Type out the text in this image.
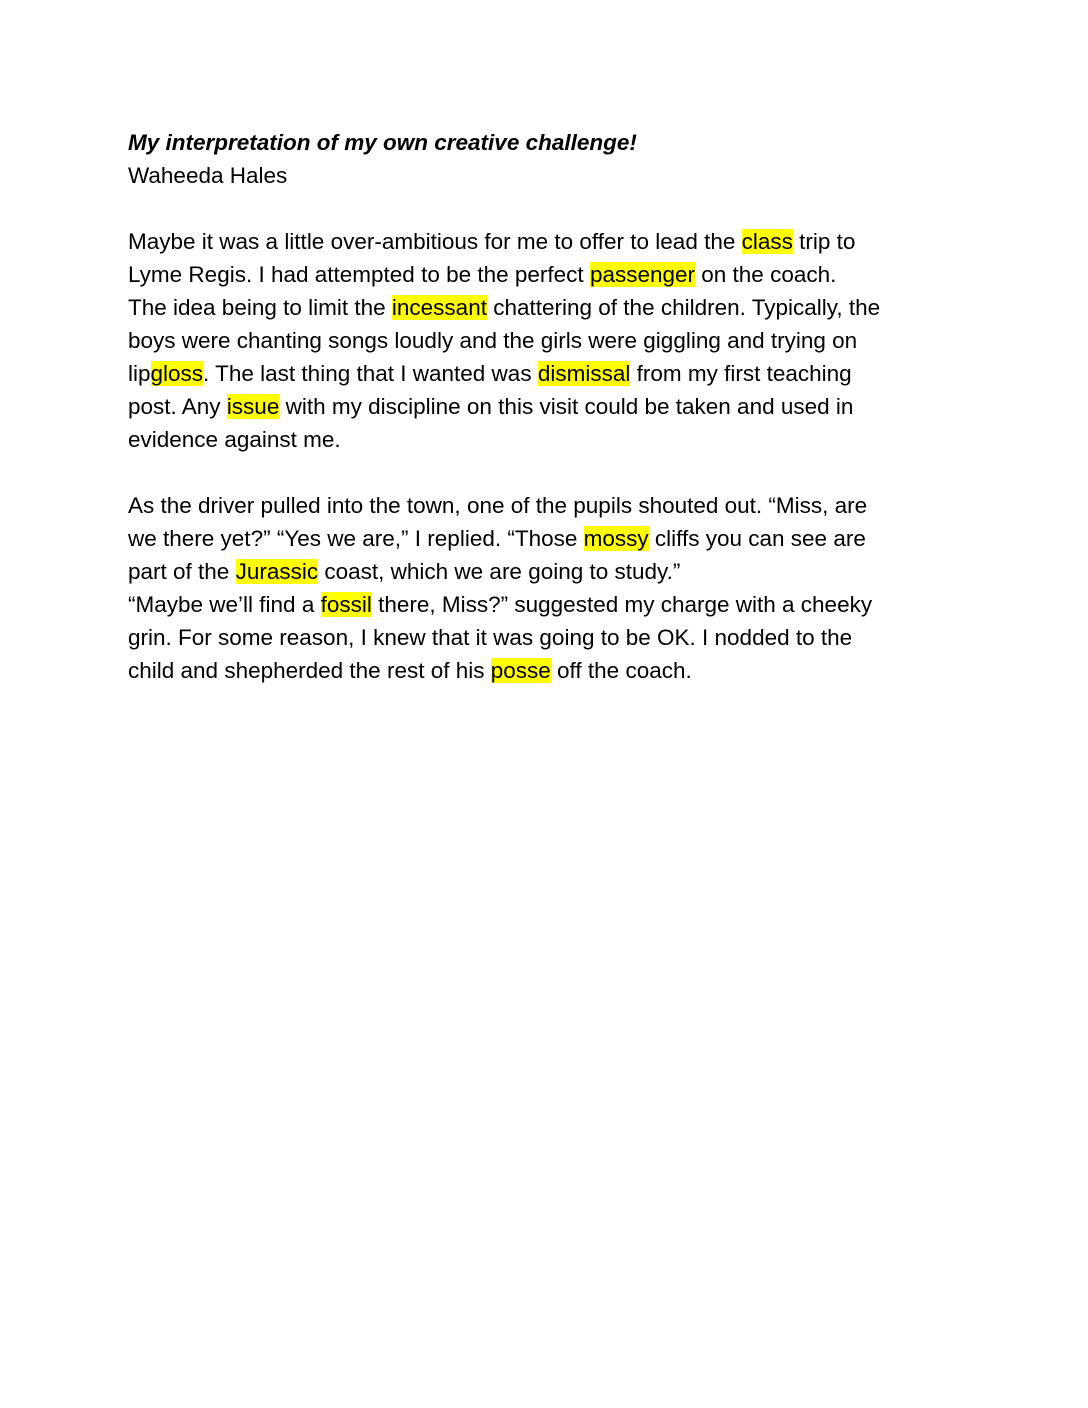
My interpretation of my own creative challenge!

Waheeda Hales

Maybe it was a little over-ambitious for me to offer to lead the class trip to
Lyme Regis. I had attempted to be the perfect passenger on the coach.
The idea being to limit the incessant chattering of the children. Typically, the
boys were chanting songs loudly and the girls were giggling and trying on
lipgloss. The last thing that I wanted was dismissal from my first teaching
post. Any issue with my discipline on this visit could be taken and used in
evidence against me.
As the driver pulled into the town, one of the pupils shouted out. “Miss, are
we there yet?” “Yes we are,” I replied. “Those mossy cliffs you can see are
part of the Jurassic coast, which we are going to study.”
“Maybe we’ll find a fossil there, Miss?” suggested my charge with a cheeky
grin. For some reason, I knew that it was going to be OK. I nodded to the
child and shepherded the rest of his posse off the coach.
